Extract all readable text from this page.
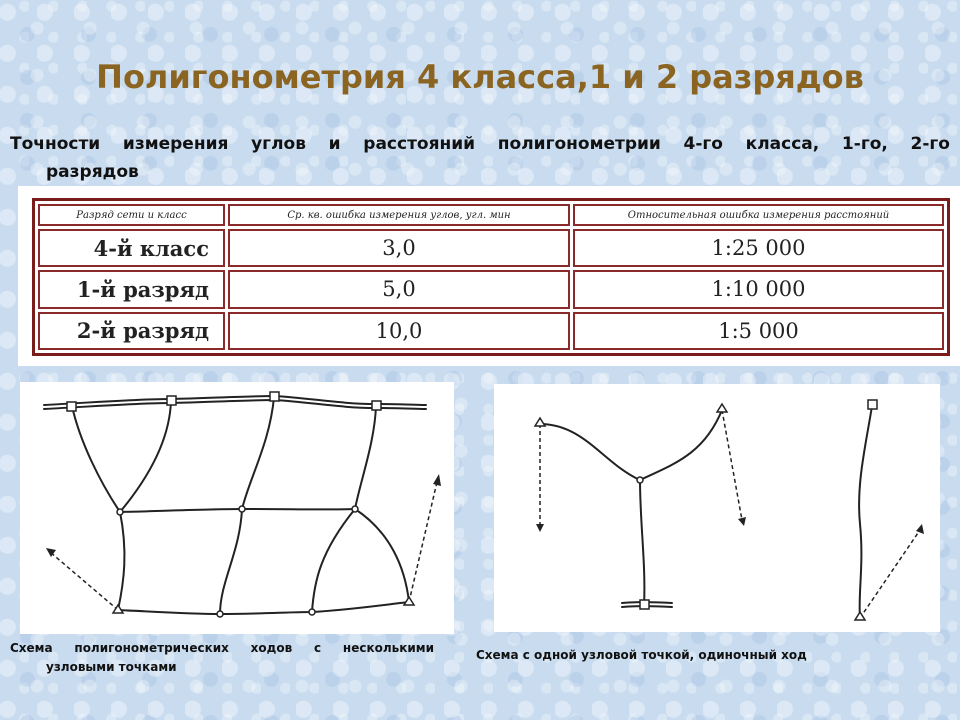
Полигонометрия 4 класса,1 и 2 разрядов
Точности измерения углов и расстояний полигонометрии 4-го класса, 1-го, 2-го
разрядов
Разряд сети и класс	Ср. кв. ошибка измерения углов, угл. мин	Относительная ошибка измерения расстояний
4-й класс	3,0	1:25 000
1-й разряд	5,0	1:10 000
2-й разряд	10,0	1:5 000
Схема полигонометрических ходов с несколькими
узловыми точками
Схема с одной узловой точкой, одиночный ход
